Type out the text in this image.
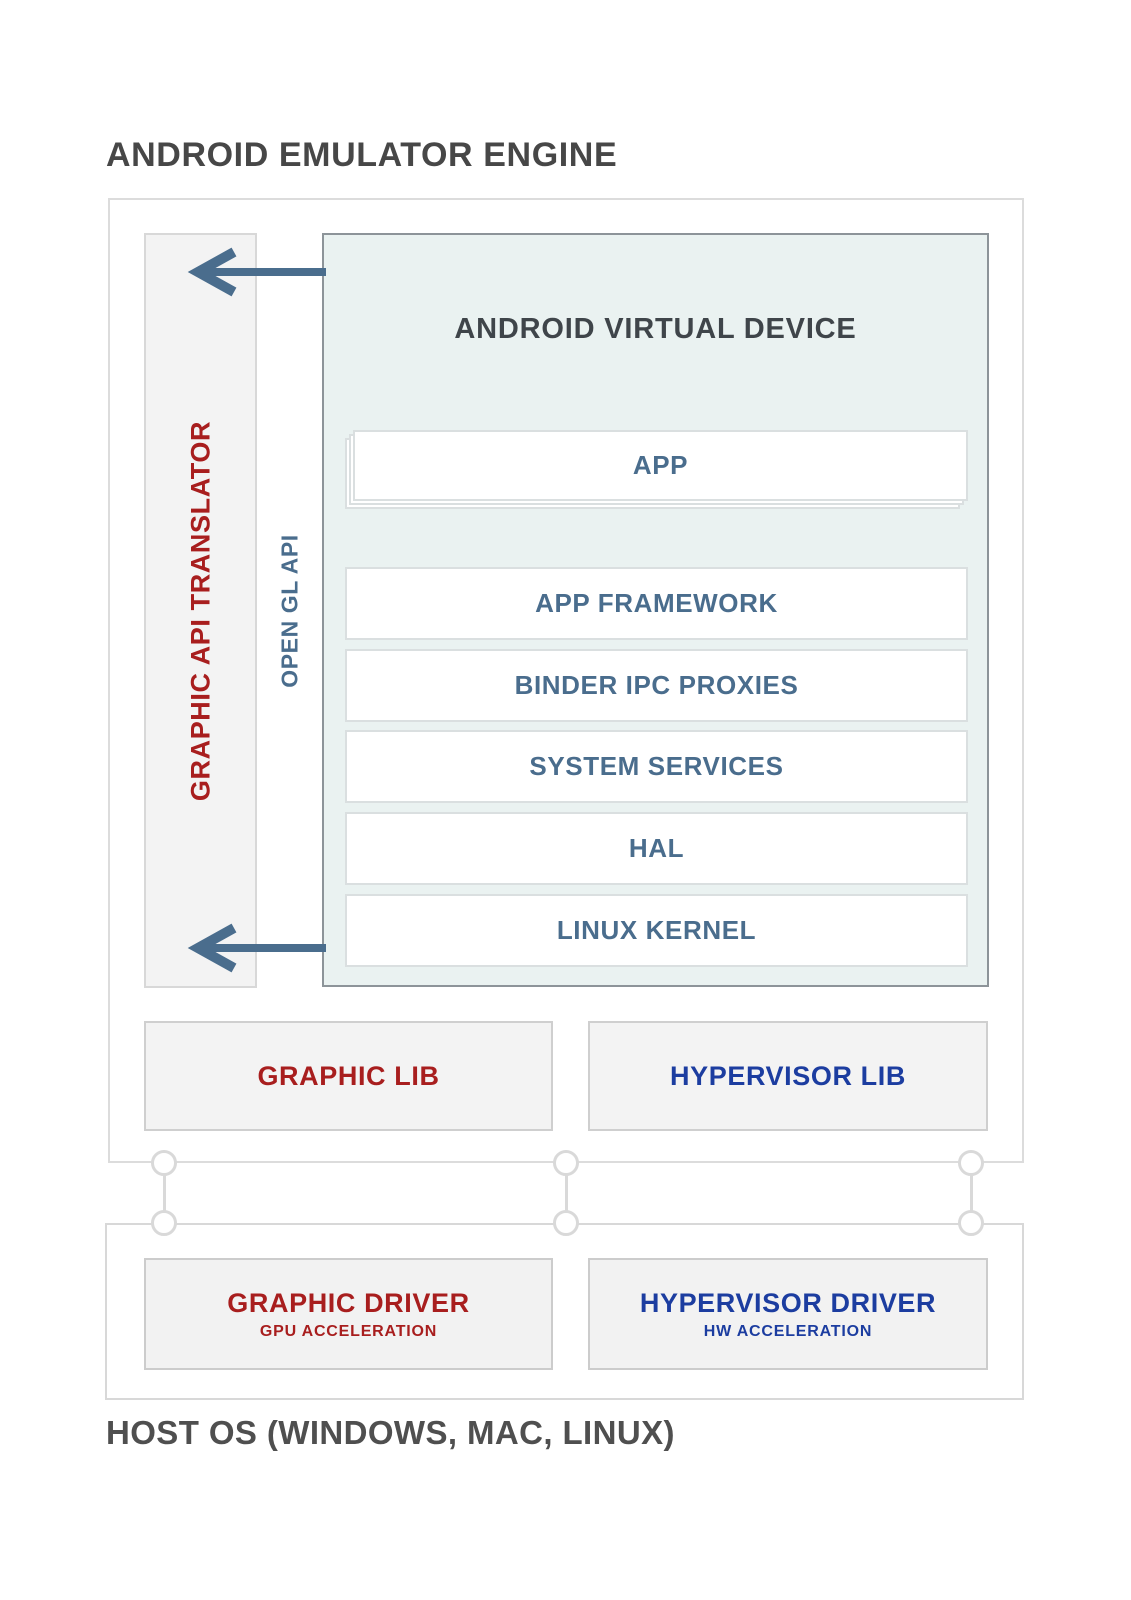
ANDROID EMULATOR ENGINE
GRAPHIC API TRANSLATOR	OPEN GL API
ANDROID VIRTUAL DEVICE
APP
APP FRAMEWORK
BINDER IPC PROXIES
SYSTEM SERVICES
HAL
LINUX KERNEL
GRAPHIC LIB	HYPERVISOR LIB
GRAPHIC DRIVER
GPU ACCELERATION
HYPERVISOR DRIVER
HW ACCELERATION
HOST OS (WINDOWS, MAC, LINUX)
